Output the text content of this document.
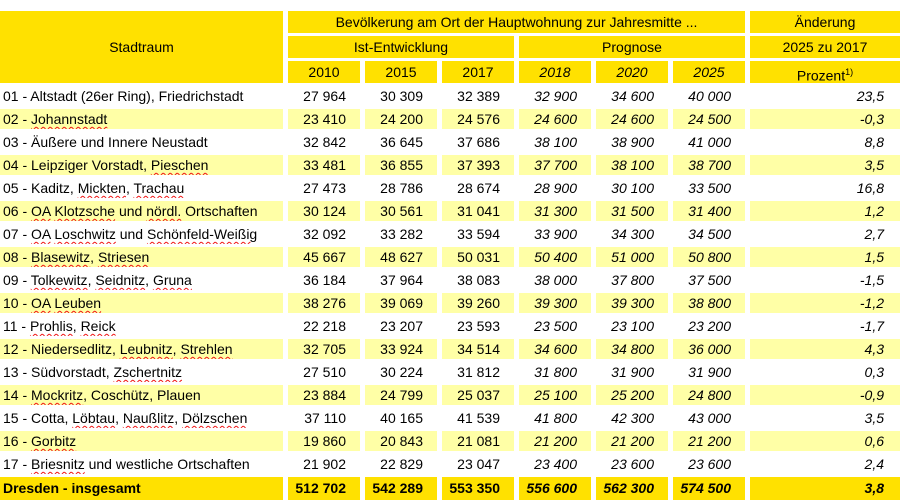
Stadtraum
Bevölkerung am Ort der Hauptwohnung zur Jahresmitte ...	Änderung
Ist-Entwicklung	Prognose	2025 zu 2017
2010	2015	2017	2018	2020	2025	Prozent$^{1)}$
01 - Altstadt (26er Ring), Friedrichstadt	27 964	30 309	32 389	32 900	34 600	40 000	23,5
02 - Johannstadt	23 410	24 200	24 576	24 600	24 600	24 500	-0,3
03 - Äußere und Innere Neustadt	32 842	36 645	37 686	38 100	38 900	41 000	8,8
04 - Leipziger Vorstadt, Pieschen	33 481	36 855	37 393	37 700	38 100	38 700	3,5
05 - Kaditz, Mickten, Trachau	27 473	28 786	28 674	28 900	30 100	33 500	16,8
06 - OA Klotzsche und nördl. Ortschaften	30 124	30 561	31 041	31 300	31 500	31 400	1,2
07 - OA Loschwitz und Schönfeld-Weißig	32 092	33 282	33 594	33 900	34 300	34 500	2,7
08 - Blasewitz, Striesen	45 667	48 627	50 031	50 400	51 000	50 800	1,5
09 - Tolkewitz, Seidnitz, Gruna	36 184	37 964	38 083	38 000	37 800	37 500	-1,5
10 - OA Leuben	38 276	39 069	39 260	39 300	39 300	38 800	-1,2
11 - Prohlis, Reick	22 218	23 207	23 593	23 500	23 100	23 200	-1,7
12 - Niedersedlitz, Leubnitz, Strehlen	32 705	33 924	34 514	34 600	34 800	36 000	4,3
13 - Südvorstadt, Zschertnitz	27 510	30 224	31 812	31 800	31 900	31 900	0,3
14 - Mockritz, Coschütz, Plauen	23 884	24 799	25 037	25 100	25 200	24 800	-0,9
15 - Cotta, Löbtau, Naußlitz, Dölzschen	37 110	40 165	41 539	41 800	42 300	43 000	3,5
16 - Gorbitz	19 860	20 843	21 081	21 200	21 200	21 200	0,6
17 - Briesnitz und westliche Ortschaften	21 902	22 829	23 047	23 400	23 600	23 600	2,4
Dresden - insgesamt	512 702	542 289	553 350	556 600	562 300	574 500	3,8
